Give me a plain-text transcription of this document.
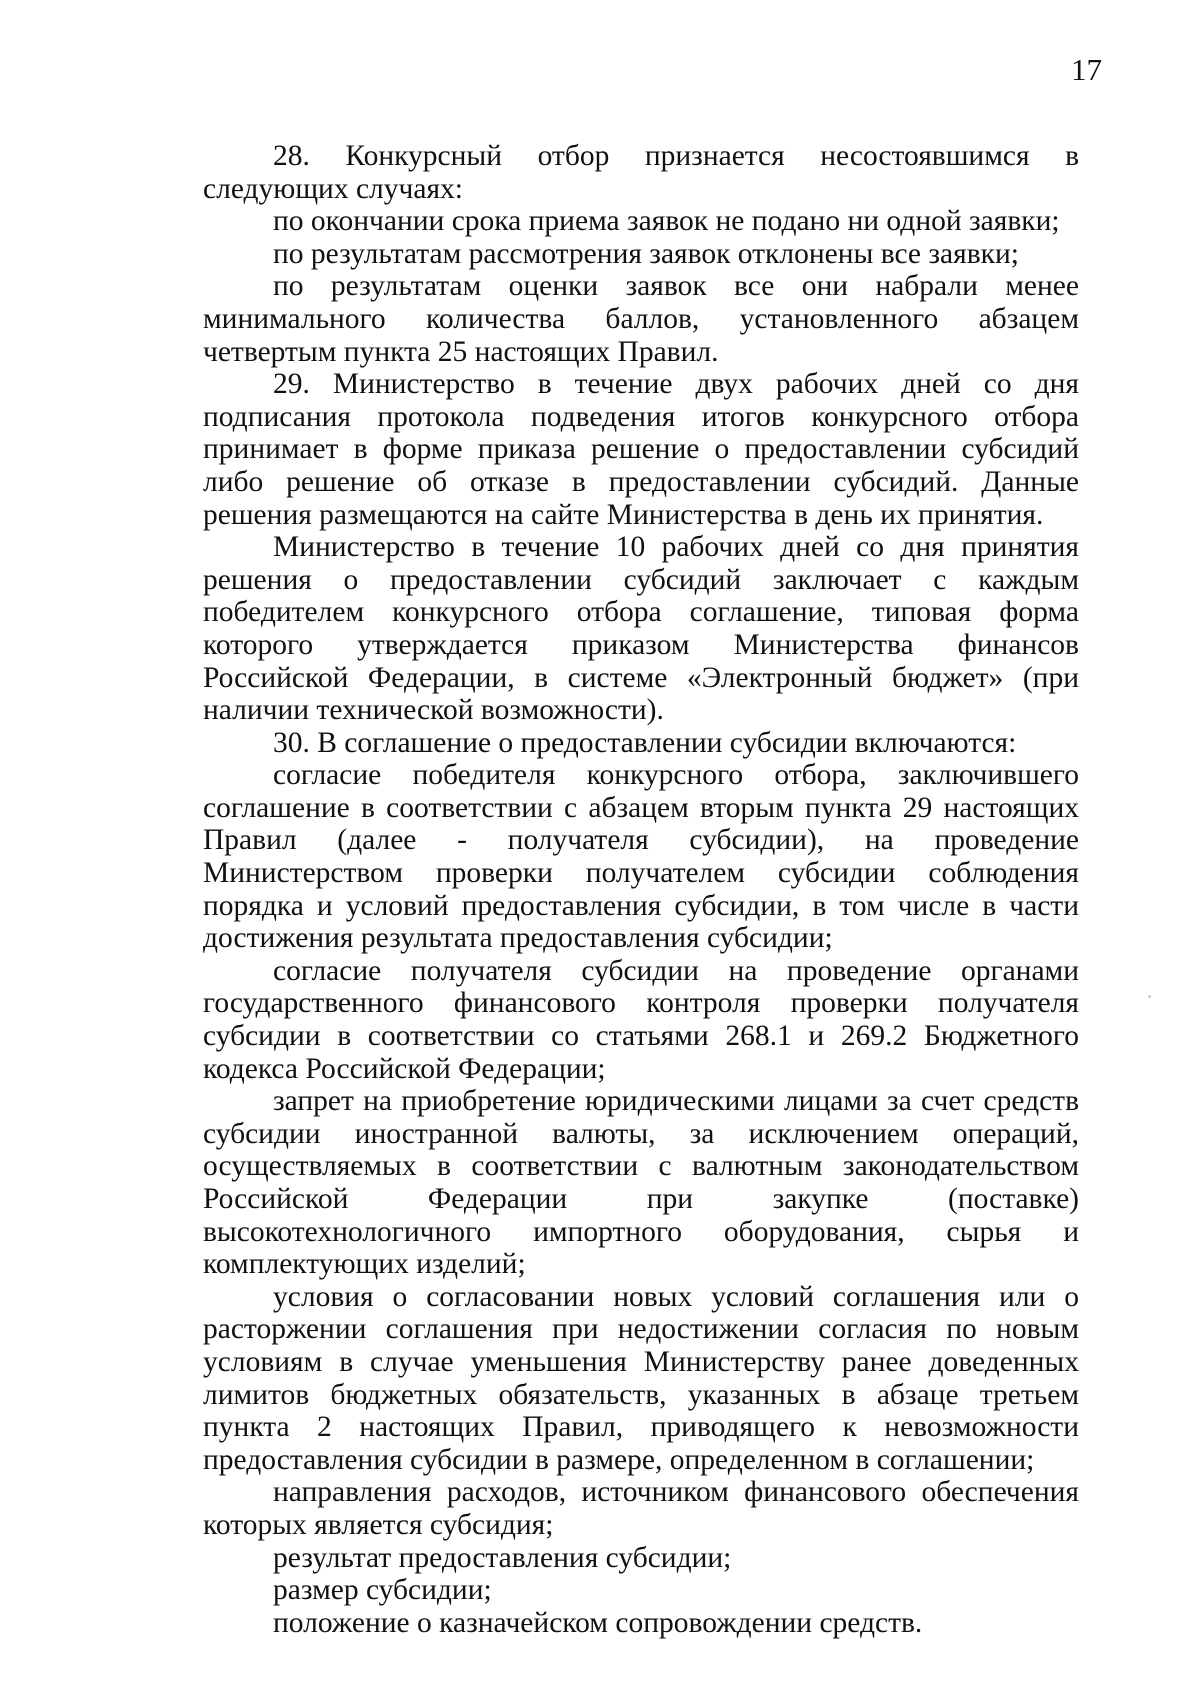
17

28. Конкурсный отбор признается несостоявшимся в следующих случаях:

по окончании срока приема заявок не подано ни одной заявки;

по результатам рассмотрения заявок отклонены все заявки;

по результатам оценки заявок все они набрали менее минимального количества баллов, установленного абзацем четвертым пункта 25 настоящих Правил.

29. Министерство в течение двух рабочих дней со дня подписания протокола подведения итогов конкурсного отбора принимает в форме приказа решение о предоставлении субсидий либо решение об отказе в предоставлении субсидий. Данные решения размещаются на сайте Министерства в день их принятия.

Министерство в течение 10 рабочих дней со дня принятия решения о предоставлении субсидий заключает с каждым победителем конкурсного отбора соглашение, типовая форма которого утверждается приказом Министерства финансов Российской Федерации, в системе «Электронный бюджет» (при наличии технической возможности).

30. В соглашение о предоставлении субсидии включаются:

согласие победителя конкурсного отбора, заключившего соглашение в соответствии с абзацем вторым пункта 29 настоящих Правил (далее - получателя субсидии), на проведение Министерством проверки получателем субсидии соблюдения порядка и условий предоставления субсидии, в том числе в части достижения результата предоставления субсидии;

согласие получателя субсидии на проведение органами государственного финансового контроля проверки получателя субсидии в соответствии со статьями 268.1 и 269.2 Бюджетного кодекса Российской Федерации;

запрет на приобретение юридическими лицами за счет средств субсидии иностранной валюты, за исключением операций, осуществляемых в соответствии с валютным законодательством Российской Федерации при закупке (поставке) высокотехнологичного импортного оборудования, сырья и комплектующих изделий;

условия о согласовании новых условий соглашения или о расторжении соглашения при недостижении согласия по новым условиям в случае уменьшения Министерству ранее доведенных лимитов бюджетных обязательств, указанных в абзаце третьем пункта 2 настоящих Правил, приводящего к невозможности предоставления субсидии в размере, определенном в соглашении;

направления расходов, источником финансового обеспечения которых является субсидия;

результат предоставления субсидии;

размер субсидии;

положение о казначейском сопровождении средств.
